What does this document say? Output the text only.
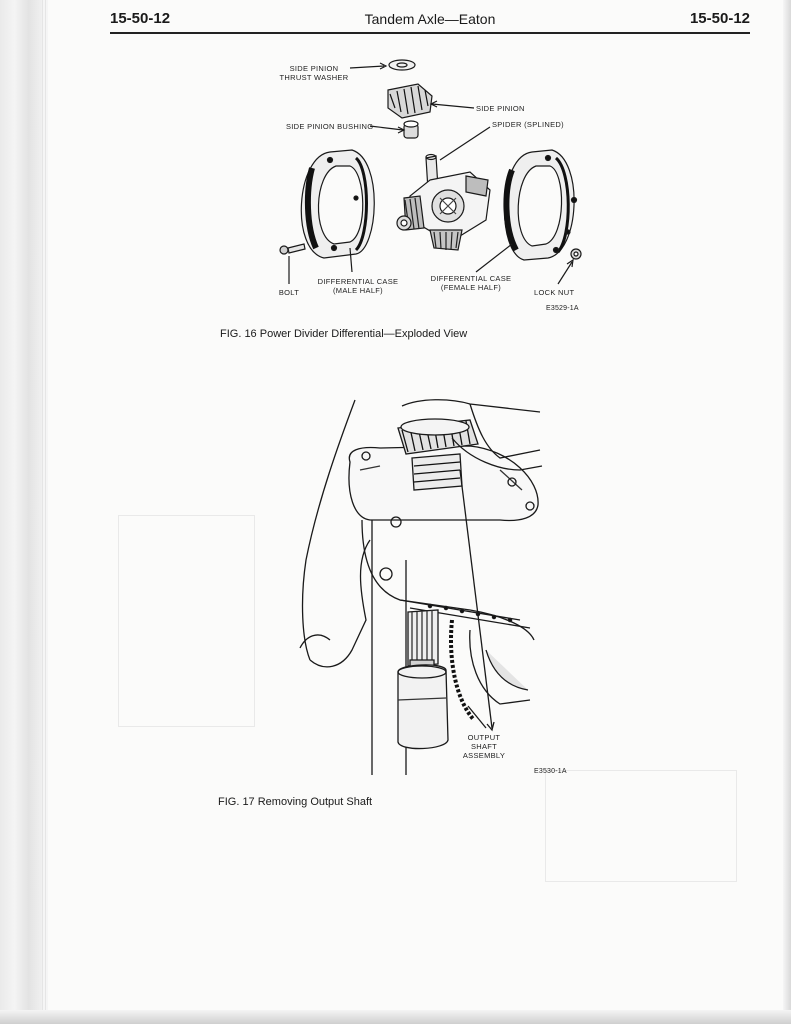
15-50-12	Tandem Axle—Eaton	15-50-12
SIDE PINION
THRUST WASHER
SIDE PINION
SIDE PINION BUSHING	SPIDER (SPLINED)
BOLT
DIFFERENTIAL CASE
(MALE HALF)
DIFFERENTIAL CASE
(FEMALE HALF)
LOCK NUT
E3529-1A
FIG. 16 Power Divider Differential—Exploded View
OUTPUT
SHAFT
ASSEMBLY
E3530-1A
FIG. 17 Removing Output Shaft
